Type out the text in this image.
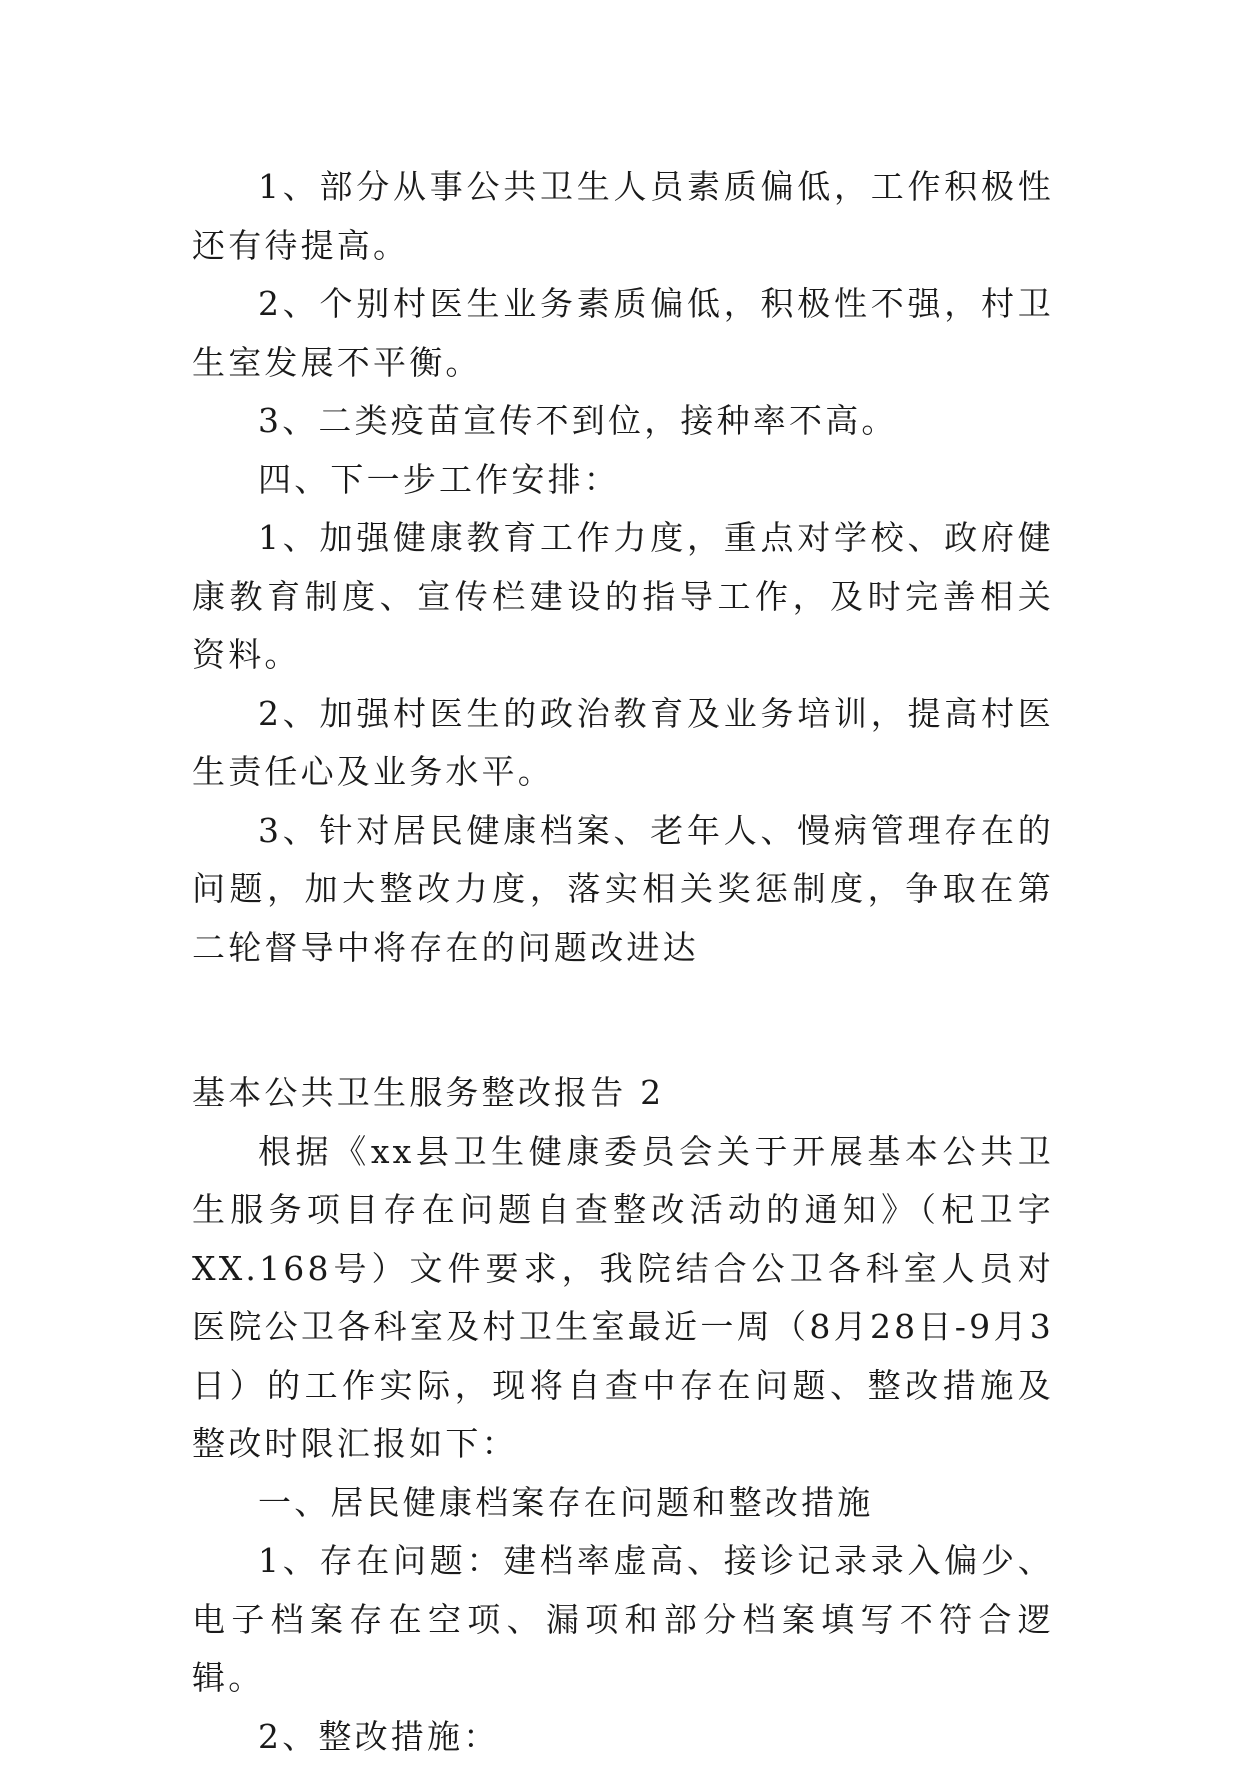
1、部分从事公共卫生人员素质偏低，工作积极性还有待提高。

2、个别村医生业务素质偏低，积极性不强，村卫生室发展不平衡。

3、二类疫苗宣传不到位，接种率不高。

四、下一步工作安排：

1、加强健康教育工作力度，重点对学校、政府健康教育制度、宣传栏建设的指导工作，及时完善相关资料。

2、加强村医生的政治教育及业务培训，提高村医生责任心及业务水平。

3、针对居民健康档案、老年人、慢病管理存在的问题，加大整改力度，落实相关奖惩制度，争取在第二轮督导中将存在的问题改进达

基本公共卫生服务整改报告 2

根据《xx县卫生健康委员会关于开展基本公共卫生服务项目存在问题自查整改活动的通知》（杞卫字XX.168号）文件要求，我院结合公卫各科室人员对医院公卫各科室及村卫生室最近一周（8月28日-9月3日）的工作实际，现将自查中存在问题、整改措施及整改时限汇报如下：

一、居民健康档案存在问题和整改措施

1、存在问题：建档率虚高、接诊记录录入偏少、电子档案存在空项、漏项和部分档案填写不符合逻辑。

2、整改措施：
